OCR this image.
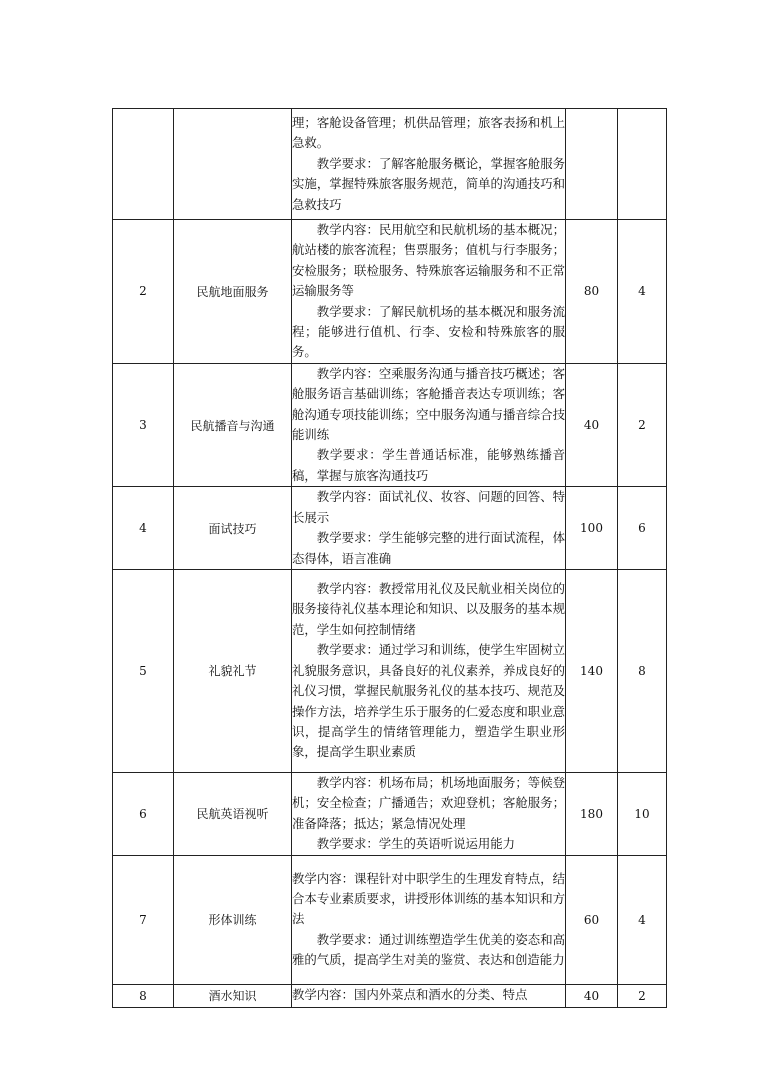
		理；客舱设备管理；机供品管理；旅客表扬和机上急救。

教学要求：了解客舱服务概论，掌握客舱服务实施，掌握特殊旅客服务规范，简单的沟通技巧和急救技巧		

2	民航地面服务	教学内容：民用航空和民航机场的基本概况；航站楼的旅客流程；售票服务；值机与行李服务；安检服务；联检服务、特殊旅客运输服务和不正常运输服务等

教学要求：了解民航机场的基本概况和服务流程；能够进行值机、行李、安检和特殊旅客的服务。	80	4
3	民航播音与沟通	教学内容：空乘服务沟通与播音技巧概述；客舱服务语言基础训练；客舱播音表达专项训练；客舱沟通专项技能训练；空中服务沟通与播音综合技能训练

教学要求：学生普通话标准，能够熟练播音稿，掌握与旅客沟通技巧	40	2
4	面试技巧	教学内容：面试礼仪、妆容、问题的回答、特长展示

教学要求：学生能够完整的进行面试流程，体态得体，语言准确	100	6
5	礼貌礼节	教学内容：教授常用礼仪及民航业相关岗位的服务接待礼仪基本理论和知识、以及服务的基本规范，学生如何控制情绪

教学要求：通过学习和训练，使学生牢固树立礼貌服务意识，具备良好的礼仪素养，养成良好的礼仪习惯，掌握民航服务礼仪的基本技巧、规范及操作方法，培养学生乐于服务的仁爱态度和职业意识，提高学生的情绪管理能力，塑造学生职业形象，提高学生职业素质	140	8
6	民航英语视听	教学内容：机场布局；机场地面服务；等候登机；安全检查；广播通告；欢迎登机；客舱服务；准备降落；抵达；紧急情况处理

教学要求：学生的英语听说运用能力	180	10
7	形体训练	教学内容：课程针对中职学生的生理发育特点，结合本专业素质要求，讲授形体训练的基本知识和方法

教学要求：通过训练塑造学生优美的姿态和高雅的气质，提高学生对美的鉴赏、表达和创造能力	60	4
8	酒水知识	教学内容：国内外菜点和酒水的分类、特点	40	2
